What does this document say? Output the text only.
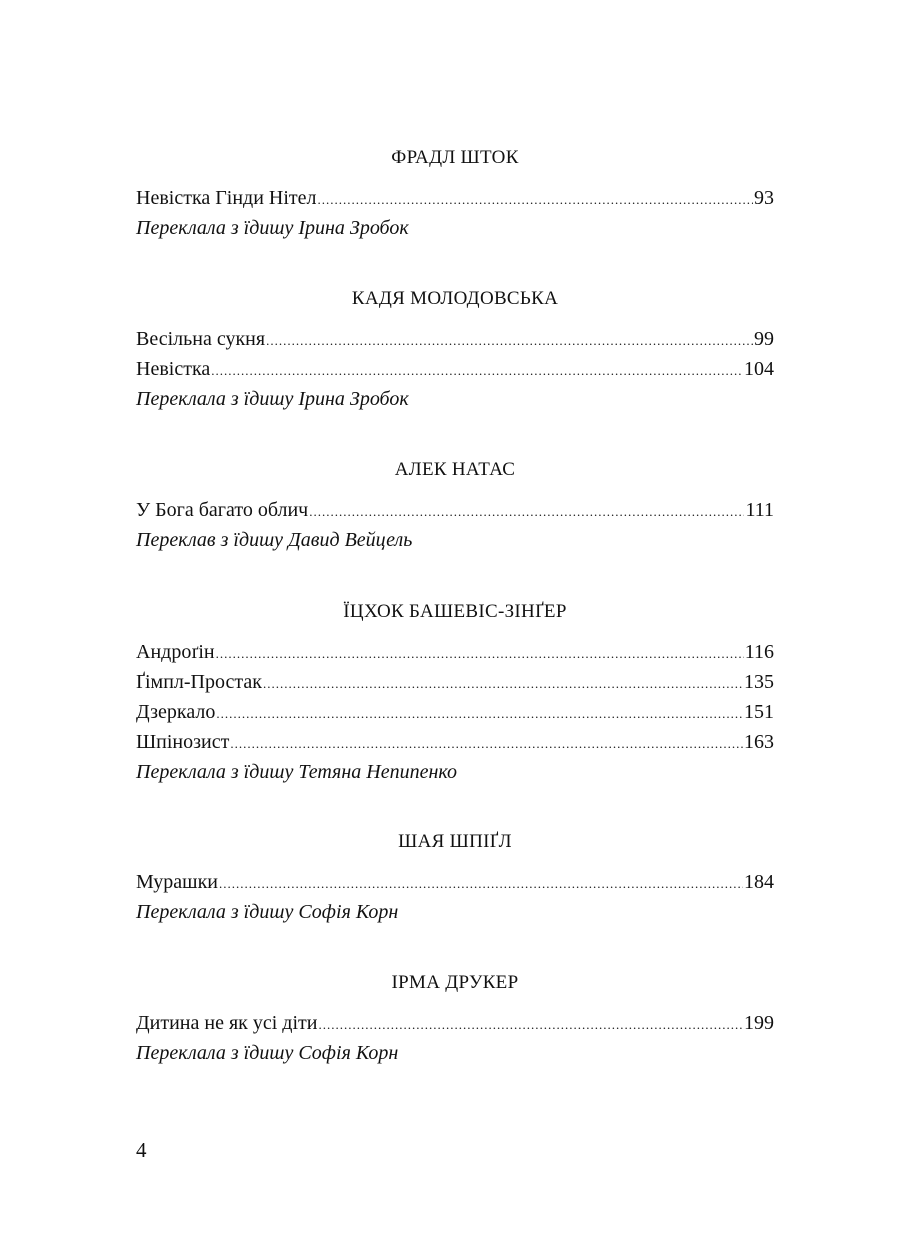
ФРАДЛ ШТОК
Невістка Гінди Нітел .....	93
Переклала з їдишу Ірина Зробок
КАДЯ МОЛОДОВСЬКА
Весільна сукня .....	99
Невістка .....	104
Переклала з їдишу Ірина Зробок
АЛЕК НАТАС
У Бога багато облич .....	111
Переклав з їдишу Давид Вейцель
ЇЦХОК БАШЕВІС-ЗІНҐЕР
Андроґін .....	116
Ґімпл-Простак .....	135
Дзеркало .....	151
Шпінозист .....	163
Переклала з їдишу Тетяна Непипенко
ШАЯ ШПІҐЛ
Мурашки .....	184
Переклала з їдишу Софія Корн
ІРМА ДРУКЕР
Дитина не як усі діти .....	199
Переклала з їдишу Софія Корн
4
